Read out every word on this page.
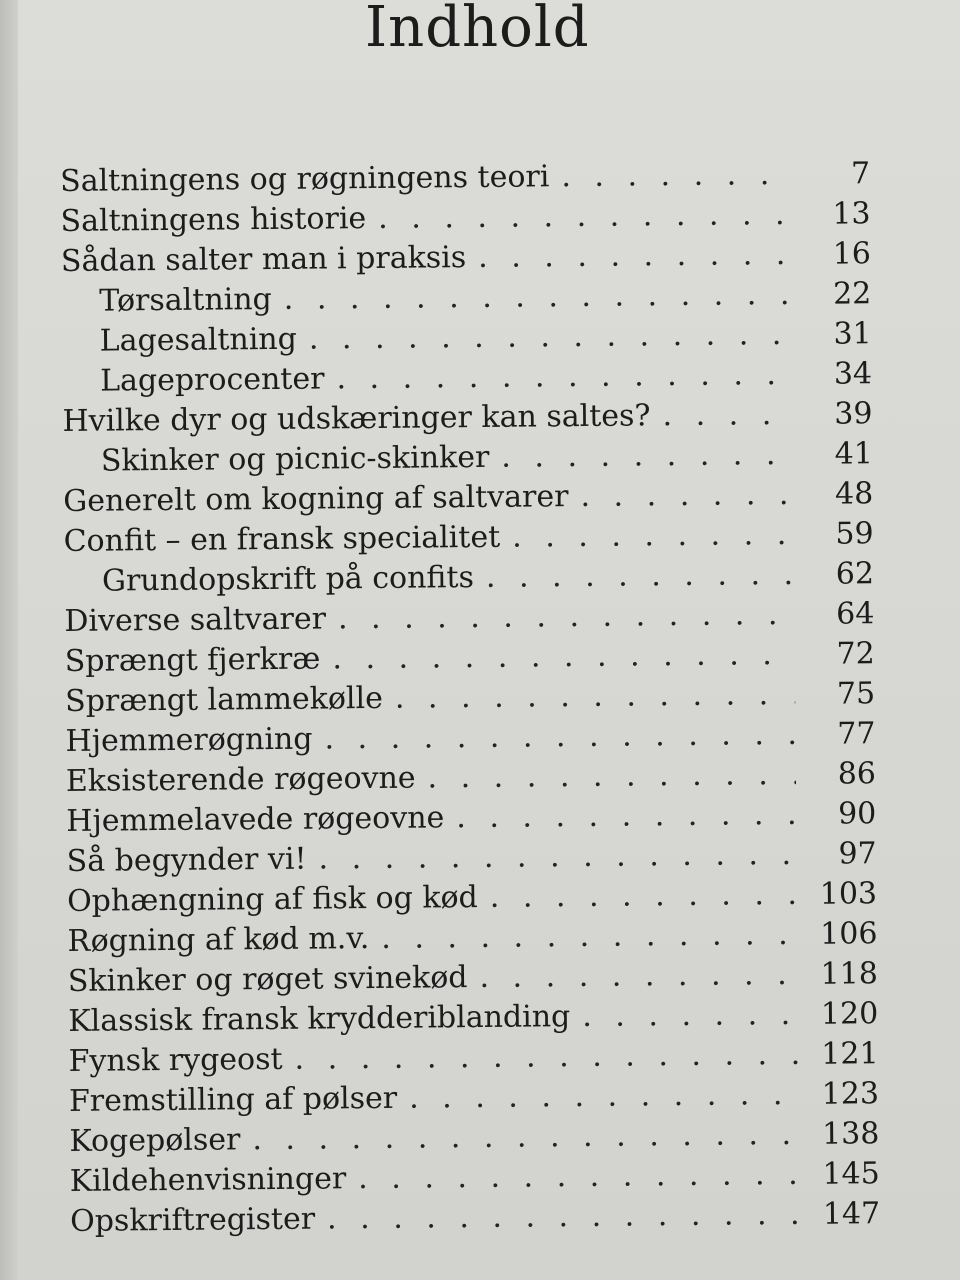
Indhold
Saltningens og røgningens teori . . .	7
Saltningens historie . . .	13
Sådan salter man i praksis . . .	16
Tørsaltning . . .	22
Lagesaltning . . .	31
Lageprocenter . . .	34
Hvilke dyr og udskæringer kan saltes? . . .	39
Skinker og picnic-skinker . . .	41
Generelt om kogning af saltvarer . . .	48
Confit – en fransk specialitet . . .	59
Grundopskrift på confits . . .	62
Diverse saltvarer . . .	64
Sprængt fjerkræ . . .	72
Sprængt lammekølle . . .	75
Hjemmerøgning . . .	77
Eksisterende røgeovne . . .	86
Hjemmelavede røgeovne . . .	90
Så begynder vi! . . .	97
Ophængning af fisk og kød . . .	103
Røgning af kød m.v. . . .	106
Skinker og røget svinekød . . .	118
Klassisk fransk krydderiblanding . . .	120
Fynsk rygeost . . .	121
Fremstilling af pølser . . .	123
Kogepølser . . .	138
Kildehenvisninger . . .	145
Opskriftregister . . .	147
